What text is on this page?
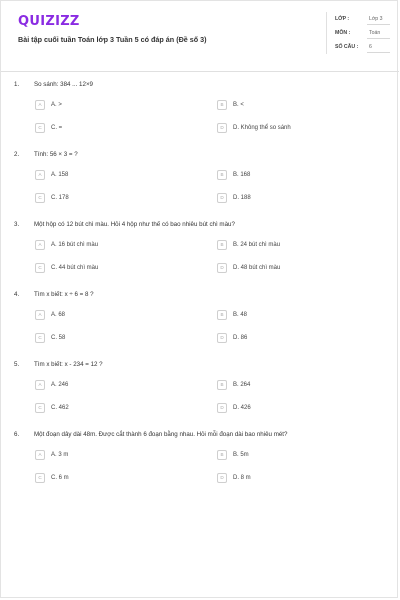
QUIZIZZ
Bài tập cuối tuần Toán lớp 3 Tuần 5 có đáp án (Đề số 3)
LỚP :	Lớp 3
MÔN :	Toán
SỐ CÂU : 6
1. So sánh: 384 ... 12×9
A	A. >	B	B. <
C	C. =	D	D. Không thể so sánh
2. Tính: 56 × 3 = ?
A	A. 158	B	B. 168
C	C. 178	D	D. 188
3. Một hộp có 12 bút chì màu. Hỏi 4 hộp như thế có bao nhiêu bút chì màu?
A	A. 16 bút chì màu	B	B. 24 bút chì màu
C	C. 44 bút chì màu	D	D. 48 bút chì màu
4. Tìm x biết: x ÷ 6 = 8 ?
A	A. 68	B	B. 48
C	C. 58	D	D. 86
5. Tìm x biết: x - 234 = 12 ?
A	A. 246	B	B. 264
C	C. 462	D	D. 426
6. Một đoạn dây dài 48m. Được cắt thành 6 đoạn bằng nhau. Hỏi mỗi đoạn dài bao nhiêu mét?
A	A. 3 m	B	B. 5m
C	C. 6 m	D	D. 8 m
